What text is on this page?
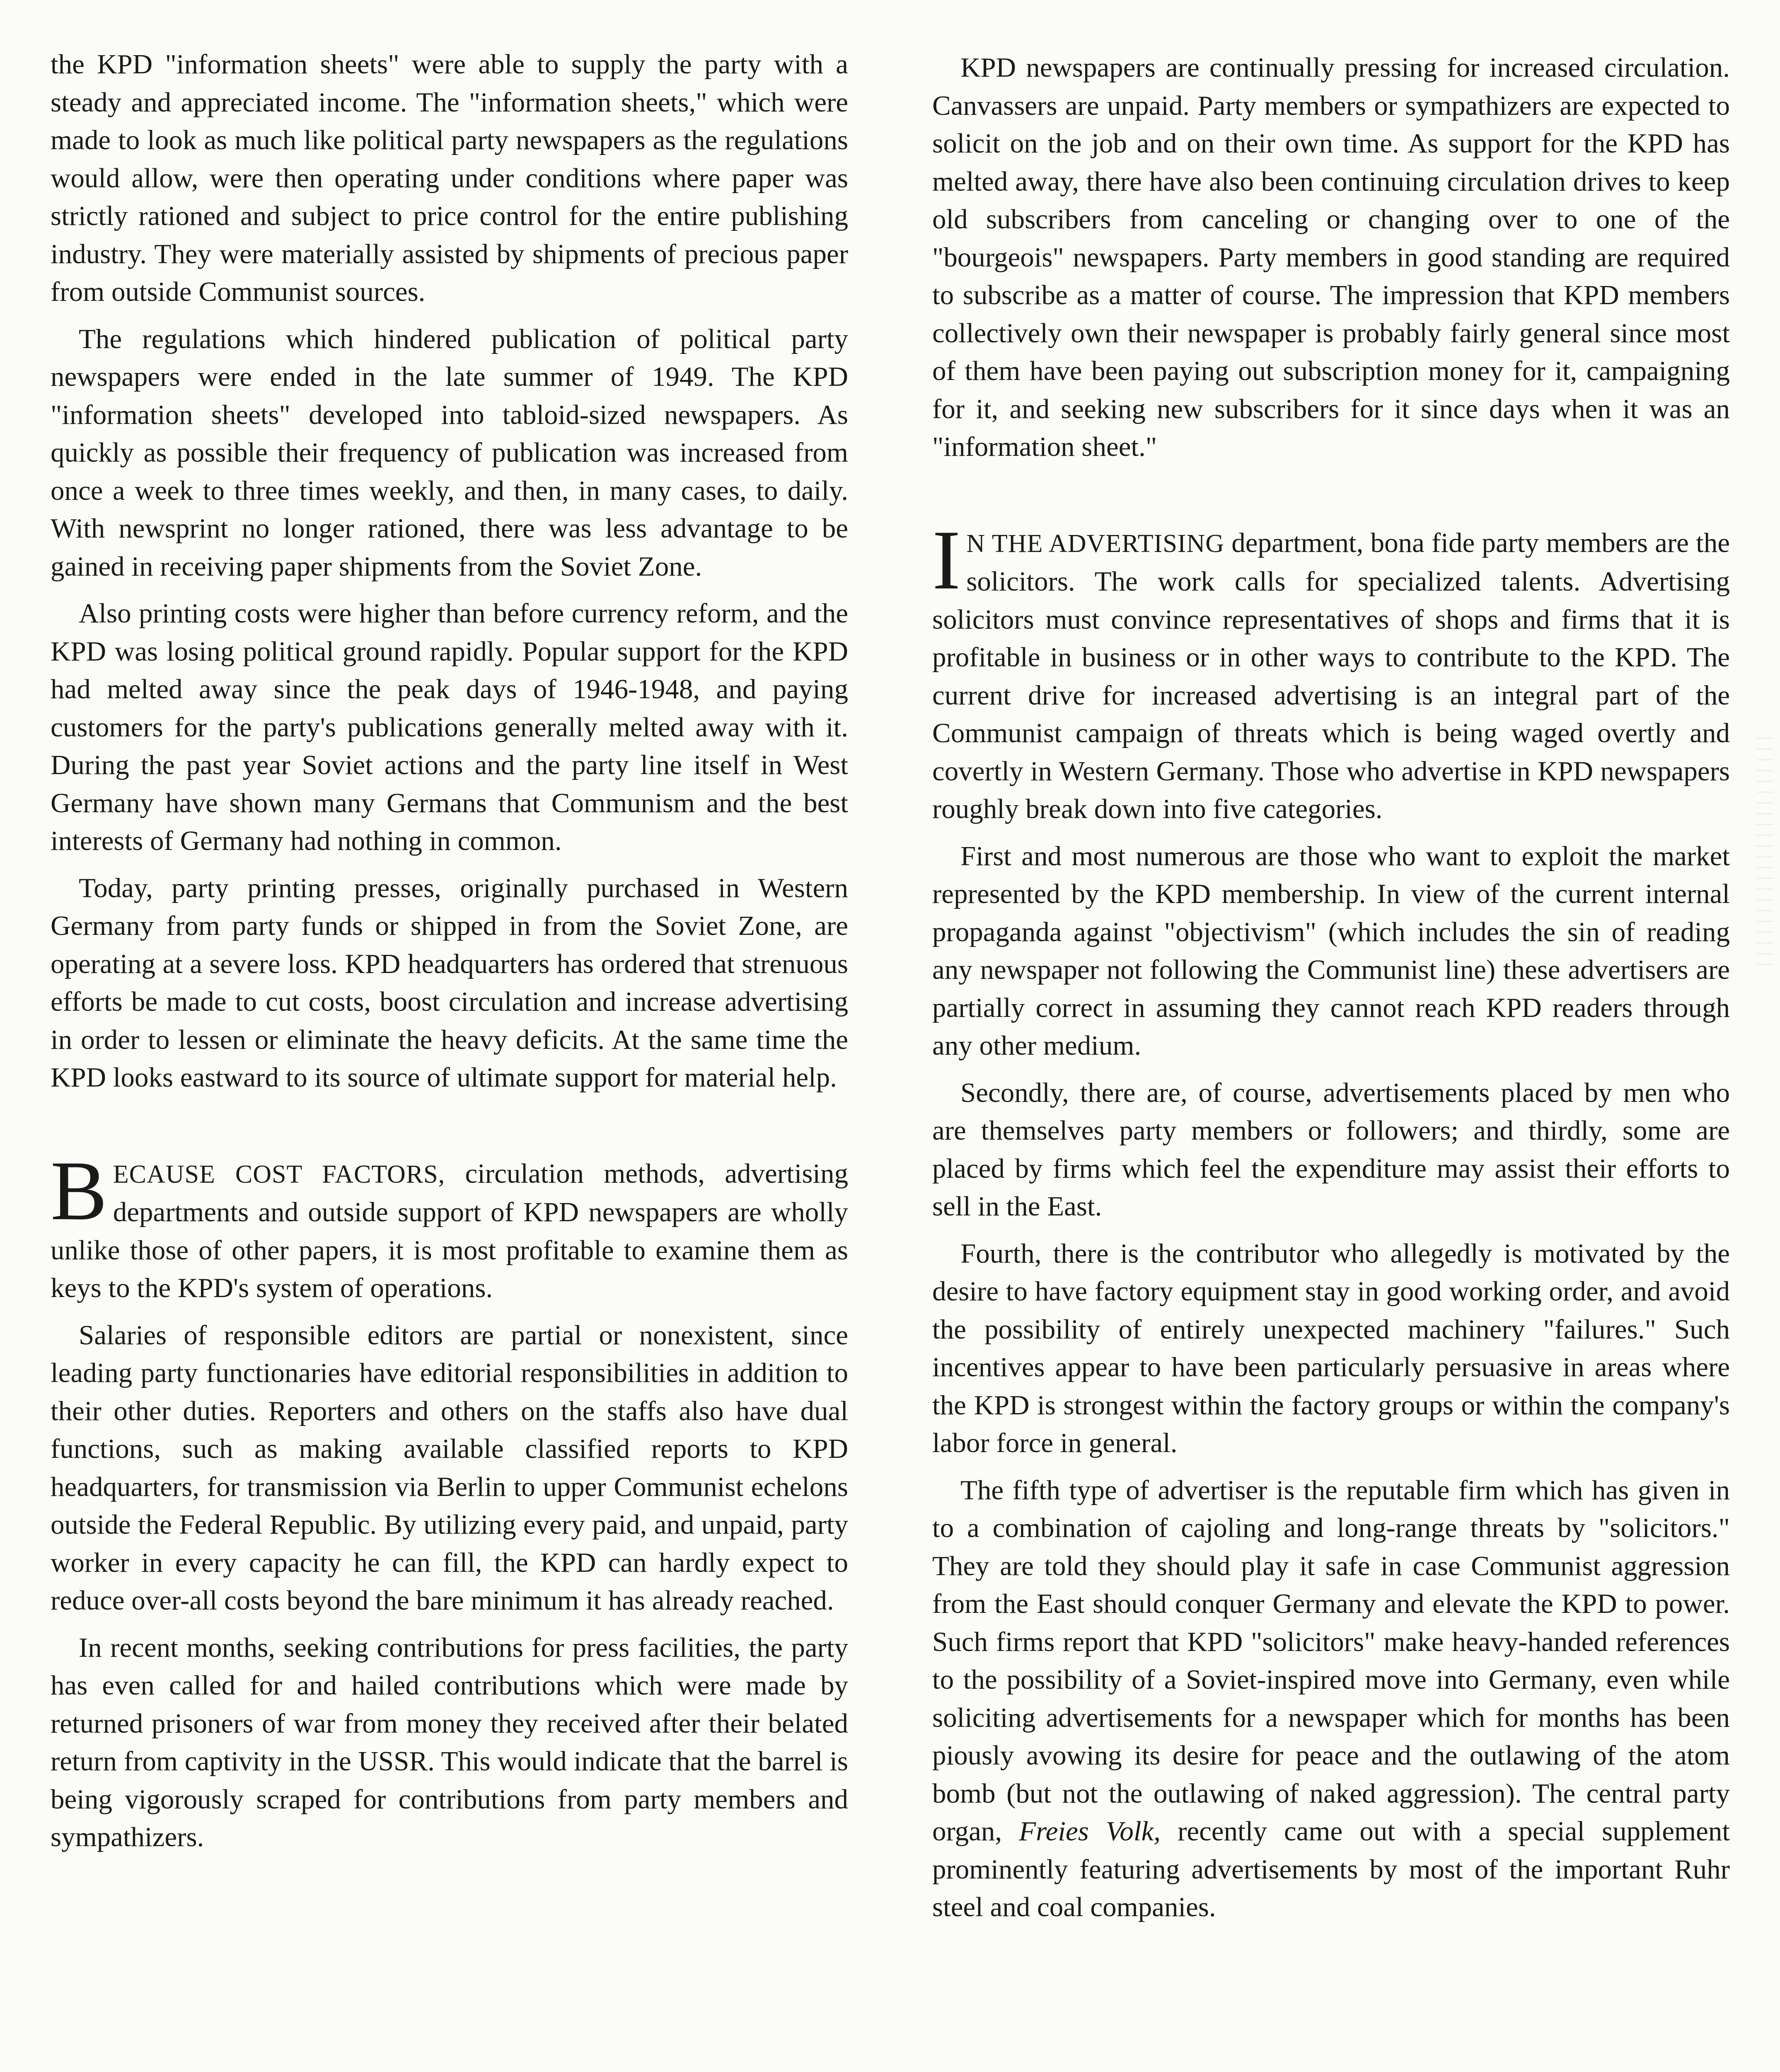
the KPD "information sheets" were able to supply the party with a steady and appreciated income. The "information sheets," which were made to look as much like political party newspapers as the regulations would allow, were then operating under conditions where paper was strictly rationed and subject to price control for the entire publishing industry. They were materially assisted by shipments of precious paper from outside Communist sources.

The regulations which hindered publication of political party newspapers were ended in the late summer of 1949. The KPD "information sheets" developed into tabloid-sized newspapers. As quickly as possible their frequency of publication was increased from once a week to three times weekly, and then, in many cases, to daily. With newsprint no longer rationed, there was less advantage to be gained in receiving paper shipments from the Soviet Zone.

Also printing costs were higher than before currency reform, and the KPD was losing political ground rapidly. Popular support for the KPD had melted away since the peak days of 1946-1948, and paying customers for the party's publications generally melted away with it. During the past year Soviet actions and the party line itself in West Germany have shown many Germans that Communism and the best interests of Germany had nothing in common.

Today, party printing presses, originally purchased in Western Germany from party funds or shipped in from the Soviet Zone, are operating at a severe loss. KPD headquarters has ordered that strenuous efforts be made to cut costs, boost circulation and increase advertising in order to lessen or eliminate the heavy deficits. At the same time the KPD looks eastward to its source of ultimate support for material help.

BECAUSE COST FACTORS, circulation methods, advertising departments and outside support of KPD newspapers are wholly unlike those of other papers, it is most profitable to examine them as keys to the KPD's system of operations.

Salaries of responsible editors are partial or nonexistent, since leading party functionaries have editorial responsibilities in addition to their other duties. Reporters and others on the staffs also have dual functions, such as making available classified reports to KPD headquarters, for transmission via Berlin to upper Communist echelons outside the Federal Republic. By utilizing every paid, and unpaid, party worker in every capacity he can fill, the KPD can hardly expect to reduce over-all costs beyond the bare minimum it has already reached.

In recent months, seeking contributions for press facilities, the party has even called for and hailed contributions which were made by returned prisoners of war from money they received after their belated return from captivity in the USSR. This would indicate that the barrel is being vigorously scraped for contributions from party members and sympathizers.

KPD newspapers are continually pressing for increased circulation. Canvassers are unpaid. Party members or sympathizers are expected to solicit on the job and on their own time. As support for the KPD has melted away, there have also been continuing circulation drives to keep old subscribers from canceling or changing over to one of the "bourgeois" newspapers. Party members in good standing are required to subscribe as a matter of course. The impression that KPD members collectively own their newspaper is probably fairly general since most of them have been paying out subscription money for it, campaigning for it, and seeking new subscribers for it since days when it was an "information sheet."

IN THE ADVERTISING department, bona fide party members are the solicitors. The work calls for specialized talents. Advertising solicitors must convince representatives of shops and firms that it is profitable in business or in other ways to contribute to the KPD. The current drive for increased advertising is an integral part of the Communist campaign of threats which is being waged overtly and covertly in Western Germany. Those who advertise in KPD newspapers roughly break down into five categories.

First and most numerous are those who want to exploit the market represented by the KPD membership. In view of the current internal propaganda against "objectivism" (which includes the sin of reading any newspaper not following the Communist line) these advertisers are partially correct in assuming they cannot reach KPD readers through any other medium.

Secondly, there are, of course, advertisements placed by men who are themselves party members or followers; and thirdly, some are placed by firms which feel the expenditure may assist their efforts to sell in the East.

Fourth, there is the contributor who allegedly is motivated by the desire to have factory equipment stay in good working order, and avoid the possibility of entirely unexpected machinery "failures." Such incentives appear to have been particularly persuasive in areas where the KPD is strongest within the factory groups or within the company's labor force in general.

The fifth type of advertiser is the reputable firm which has given in to a combination of cajoling and long-range threats by "solicitors." They are told they should play it safe in case Communist aggression from the East should conquer Germany and elevate the KPD to power. Such firms report that KPD "solicitors" make heavy-handed references to the possibility of a Soviet-inspired move into Germany, even while soliciting advertisements for a newspaper which for months has been piously avowing its desire for peace and the outlawing of the atom bomb (but not the outlawing of naked aggression). The central party organ, Freies Volk, recently came out with a special supplement prominently featuring advertisements by most of the important Ruhr steel and coal companies.
